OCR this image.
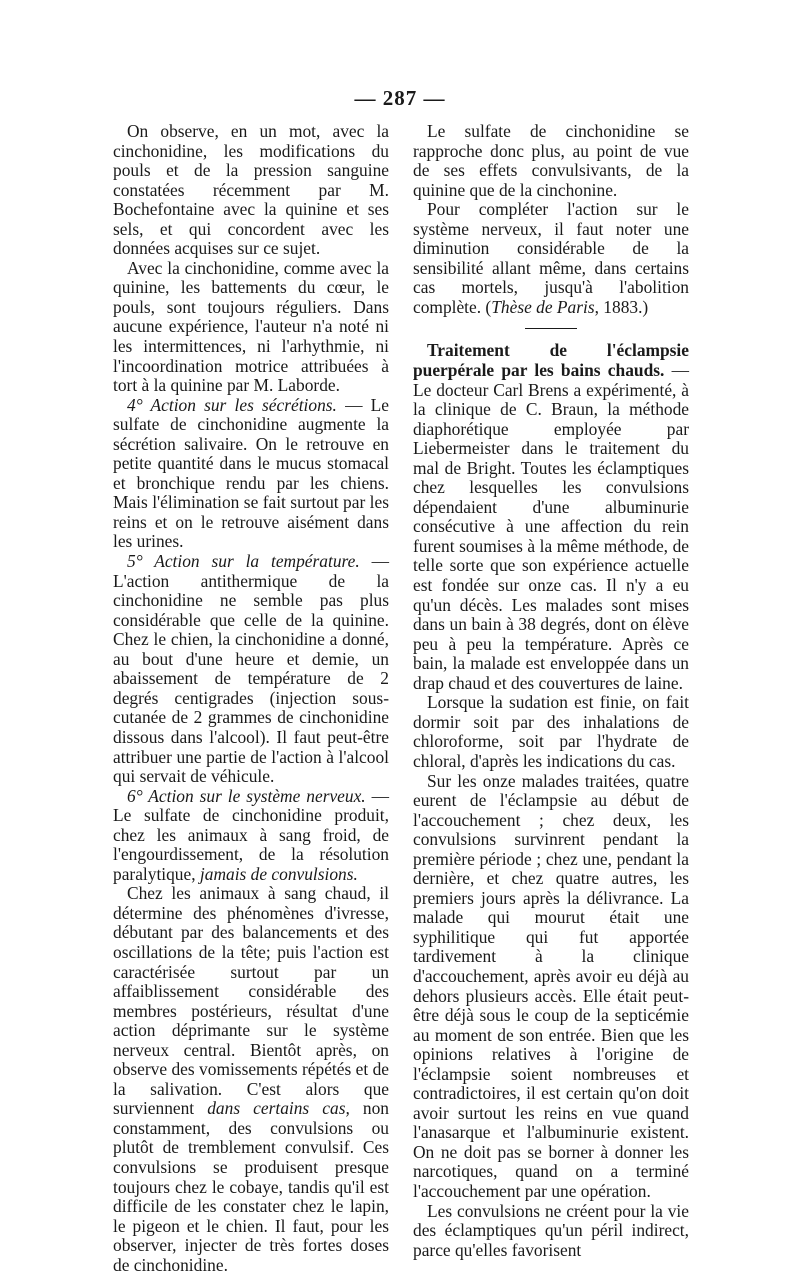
— 287 —

On observe, en un mot, avec la cinchonidine, les modifications du pouls et de la pression sanguine constatées récemment par M. Bochefontaine avec la quinine et ses sels, et qui concordent avec les données acquises sur ce sujet.

Avec la cinchonidine, comme avec la quinine, les battements du cœur, le pouls, sont toujours réguliers. Dans aucune expérience, l'auteur n'a noté ni les intermittences, ni l'arhythmie, ni l'incoordination motrice attribuées à tort à la quinine par M. Laborde.

4° Action sur les sécrétions. — Le sulfate de cinchonidine augmente la sécrétion salivaire. On le retrouve en petite quantité dans le mucus stomacal et bronchique rendu par les chiens. Mais l'élimination se fait surtout par les reins et on le retrouve aisément dans les urines.

5° Action sur la température. — L'action antithermique de la cinchonidine ne semble pas plus considérable que celle de la quinine. Chez le chien, la cinchonidine a donné, au bout d'une heure et demie, un abaissement de température de 2 degrés centigrades (injection sous-cutanée de 2 grammes de cinchonidine dissous dans l'alcool). Il faut peut-être attribuer une partie de l'action à l'alcool qui servait de véhicule.

6° Action sur le système nerveux. — Le sulfate de cinchonidine produit, chez les animaux à sang froid, de l'engourdissement, de la résolution paralytique, jamais de convulsions.

Chez les animaux à sang chaud, il détermine des phénomènes d'ivresse, débutant par des balancements et des oscillations de la tête; puis l'action est caractérisée surtout par un affaiblissement considérable des membres postérieurs, résultat d'une action déprimante sur le système nerveux central. Bientôt après, on observe des vomissements répétés et de la salivation. C'est alors que surviennent dans certains cas, non constamment, des convulsions ou plutôt de tremblement convulsif. Ces convulsions se produisent presque toujours chez le cobaye, tandis qu'il est difficile de les constater chez le lapin, le pigeon et le chien. Il faut, pour les observer, injecter de très fortes doses de cinchonidine.

Le sulfate de cinchonidine se rapproche donc plus, au point de vue de ses effets convulsivants, de la quinine que de la cinchonine.

Pour compléter l'action sur le système nerveux, il faut noter une diminution considérable de la sensibilité allant même, dans certains cas mortels, jusqu'à l'abolition complète. (Thèse de Paris, 1883.)

Traitement de l'éclampsie puerpérale par les bains chauds. — Le docteur Carl Brens a expérimenté, à la clinique de C. Braun, la méthode diaphorétique employée par Liebermeister dans le traitement du mal de Bright. Toutes les éclamptiques chez lesquelles les convulsions dépendaient d'une albuminurie consécutive à une affection du rein furent soumises à la même méthode, de telle sorte que son expérience actuelle est fondée sur onze cas. Il n'y a eu qu'un décès. Les malades sont mises dans un bain à 38 degrés, dont on élève peu à peu la température. Après ce bain, la malade est enveloppée dans un drap chaud et des couvertures de laine.

Lorsque la sudation est finie, on fait dormir soit par des inhalations de chloroforme, soit par l'hydrate de chloral, d'après les indications du cas.

Sur les onze malades traitées, quatre eurent de l'éclampsie au début de l'accouchement ; chez deux, les convulsions survinrent pendant la première période ; chez une, pendant la dernière, et chez quatre autres, les premiers jours après la délivrance. La malade qui mourut était une syphilitique qui fut apportée tardivement à la clinique d'accouchement, après avoir eu déjà au dehors plusieurs accès. Elle était peut-être déjà sous le coup de la septicémie au moment de son entrée. Bien que les opinions relatives à l'origine de l'éclampsie soient nombreuses et contradictoires, il est certain qu'on doit avoir surtout les reins en vue quand l'anasarque et l'albuminurie existent. On ne doit pas se borner à donner les narcotiques, quand on a terminé l'accouchement par une opération.

Les convulsions ne créent pour la vie des éclamptiques qu'un péril indirect, parce qu'elles favorisent
